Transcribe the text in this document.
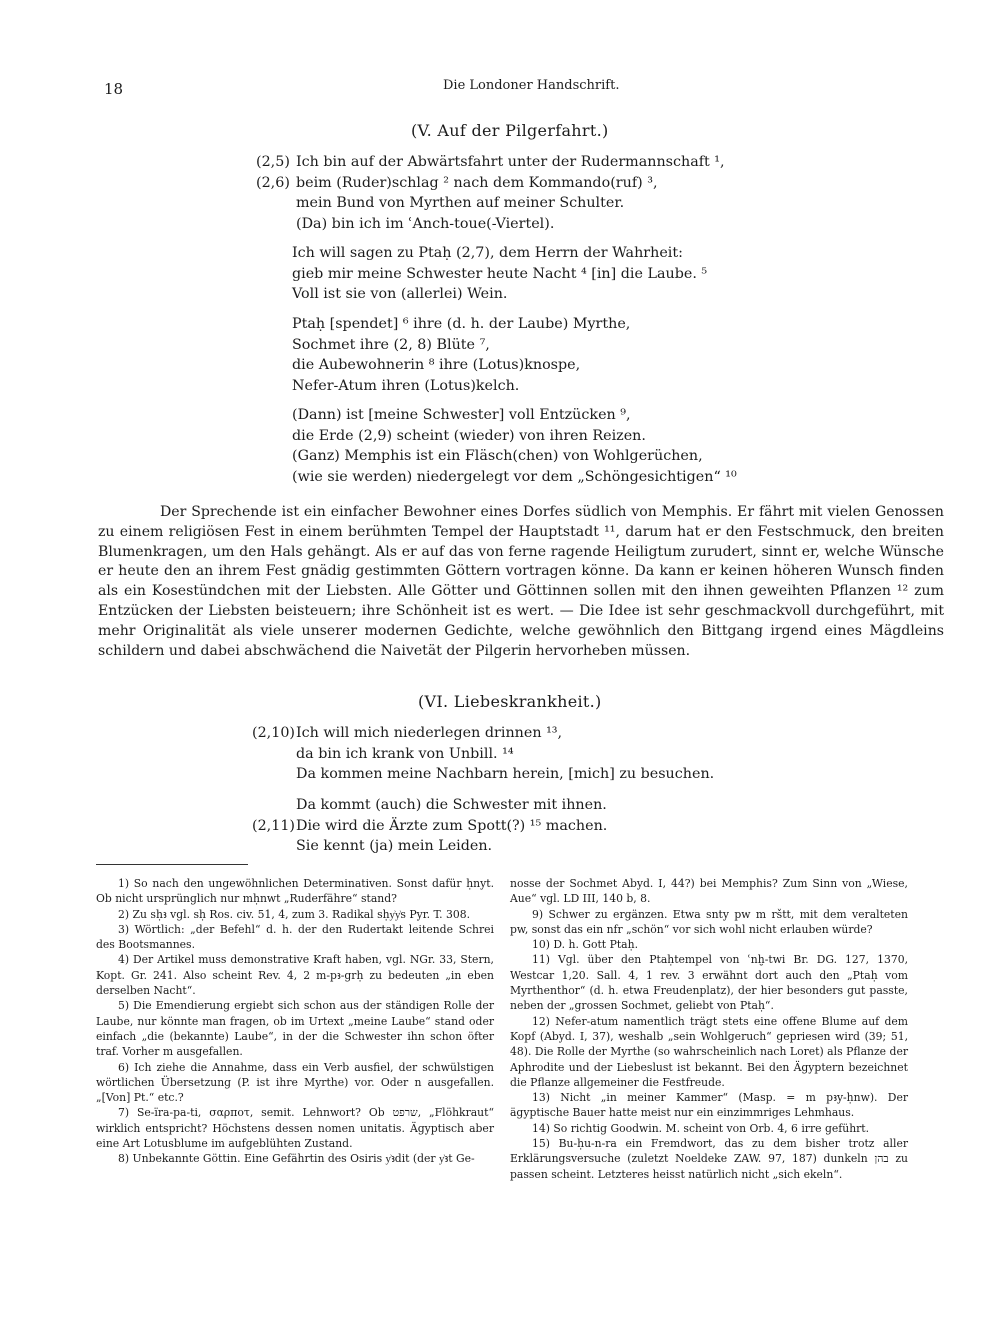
18	Die Londoner Handschrift.
(V. Auf der Pilgerfahrt.)
(2,5) Ich bin auf der Abwärtsfahrt unter der Rudermannschaft ¹,
(2,6) beim (Ruder)schlag ² nach dem Kommando(ruf) ³,
mein Bund von Myrthen auf meiner Schulter.
(Da) bin ich im ʿAnch-toue(-Viertel).
Ich will sagen zu Ptaḥ (2,7), dem Herrn der Wahrheit:
gieb mir meine Schwester heute Nacht ⁴ [in] die Laube. ⁵
Voll ist sie von (allerlei) Wein.
Ptaḥ [spendet] ⁶ ihre (d. h. der Laube) Myrthe,
Sochmet ihre (2, 8) Blüte ⁷,
die Aubewohnerin ⁸ ihre (Lotus)knospe,
Nefer-Atum ihren (Lotus)kelch.
(Dann) ist [meine Schwester] voll Entzücken ⁹,
die Erde (2,9) scheint (wieder) von ihren Reizen.
(Ganz) Memphis ist ein Fläsch(chen) von Wohlgerüchen,
(wie sie werden) niedergelegt vor dem „Schöngesichtigen“ ¹⁰

Der Sprechende ist ein einfacher Bewohner eines Dorfes südlich von Memphis. Er fährt mit vielen Genossen zu einem religiösen Fest in einem berühmten Tempel der Hauptstadt ¹¹, darum hat er den Festschmuck, den breiten Blumenkragen, um den Hals gehängt. Als er auf das von ferne ragende Heiligtum zurudert, sinnt er, welche Wünsche er heute den an ihrem Fest gnädig gestimmten Göttern vortragen könne. Da kann er keinen höheren Wunsch finden als ein Kosestündchen mit der Liebsten. Alle Götter und Göttinnen sollen mit den ihnen geweihten Pflanzen ¹² zum Entzücken der Liebsten beisteuern; ihre Schönheit ist es wert. — Die Idee ist sehr geschmackvoll durchgeführt, mit mehr Originalität als viele unserer modernen Gedichte, welche gewöhnlich den Bittgang irgend eines Mägdleins schildern und dabei abschwächend die Naivetät der Pilgerin hervorheben müssen.

(VI. Liebeskrankheit.)
(2,10)Ich will mich niederlegen drinnen ¹³,
da bin ich krank von Unbill. ¹⁴
Da kommen meine Nachbarn herein, [mich] zu besuchen.
Da kommt (auch) die Schwester mit ihnen.
(2,11)Die wird die Ärzte zum Spott(?) ¹⁵ machen.
Sie kennt (ja) mein Leiden.

1) So nach den ungewöhnlichen Determinativen. Sonst dafür ḥnyt. Ob nicht ursprünglich nur mḥnwt „Ruderfähre“ stand?

2) Zu sḥꜣ vgl. sḥ Ros. civ. 51, 4, zum 3. Radikal sḥy͗y͗s Pyr. T. 308.

3) Wörtlich: „der Befehl“ d. h. der den Rudertakt leitende Schrei des Bootsmannes.

4) Der Artikel muss demonstrative Kraft haben, vgl. NGr. 33, Stern, Kopt. Gr. 241. Also scheint Rev. 4, 2 m-pꜣ-grḥ zu bedeuten „in eben derselben Nacht“.

5) Die Emendierung ergiebt sich schon aus der ständigen Rolle der Laube, nur könnte man fragen, ob im Urtext „meine Laube“ stand oder einfach „die (bekannte) Laube“, in der die Schwester ihn schon öfter traf. Vorher m ausgefallen.

6) Ich ziehe die Annahme, dass ein Verb ausfiel, der schwülstigen wörtlichen Übersetzung (P. ist ihre Myrthe) vor. Oder n ausgefallen. „[Von] Pt.“ etc.?

7) Se-ïra-pa-ti, σαρποτ, semit. Lehnwort? Ob שרפט, „Flöhkraut“ wirklich entspricht? Höchstens dessen nomen unitatis. Ägyptisch aber eine Art Lotusblume im aufgeblühten Zustand.

8) Unbekannte Göttin. Eine Gefährtin des Osiris y͗ꜣdit (der y͗ꜣt Ge-

nosse der Sochmet Abyd. I, 44?) bei Memphis? Zum Sinn von „Wiese, Aue“ vgl. LD III, 140 b, 8.

9) Schwer zu ergänzen. Etwa snty pw m rštt, mit dem veralteten pw, sonst das ein nfr „schön“ vor sich wohl nicht erlauben würde?

10) D. h. Gott Ptaḥ.

11) Vgl. über den Ptaḥtempel von ʿnḫ-twi Br. DG. 127, 1370, Westcar 1,20. Sall. 4, 1 rev. 3 erwähnt dort auch den „Ptaḥ vom Myrthenthor“ (d. h. etwa Freudenplatz), der hier besonders gut passte, neben der „grossen Sochmet, geliebt von Ptaḥ“.

12) Nefer-atum namentlich trägt stets eine offene Blume auf dem Kopf (Abyd. I, 37), weshalb „sein Wohlgeruch“ gepriesen wird (39; 51, 48). Die Rolle der Myrthe (so wahrscheinlich nach Loret) als Pflanze der Aphrodite und der Liebeslust ist bekannt. Bei den Ägyptern bezeichnet die Pflanze allgemeiner die Festfreude.

13) Nicht „in meiner Kammer“ (Masp. = m pꜣy-ḥnw). Der ägyptische Bauer hatte meist nur ein einzimmriges Lehmhaus.

14) So richtig Goodwin. M. scheint von Orb. 4, 6 irre geführt.

15) Bu-ḥu-n-ra ein Fremdwort, das zu dem bisher trotz aller Erklärungsversuche (zuletzt Noeldeke ZAW. 97, 187) dunkeln בהן zu passen scheint. Letzteres heisst natürlich nicht „sich ekeln“.
